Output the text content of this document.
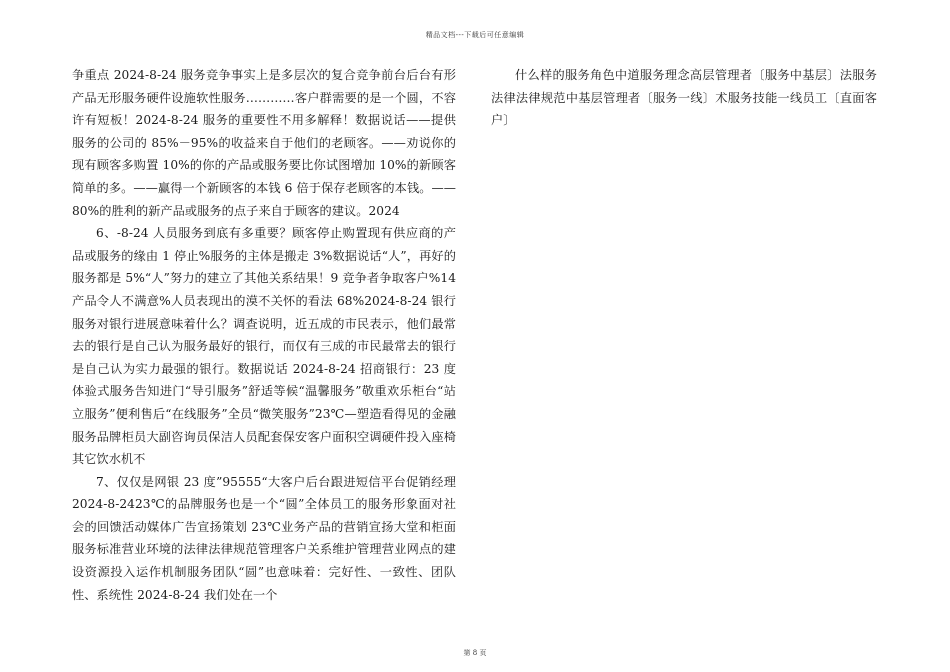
精品文档---下载后可任意编辑

争重点 2024-8-24 服务竞争事实上是多层次的复合竞争前台后台有形产品无形服务硬件设施软性服务…………客户群需要的是一个圆，不容许有短板！2024-8-24 服务的重要性不用多解释！数据说话——提供服务的公司的 85%－95%的收益来自于他们的老顾客。——劝说你的现有顾客多购置 10%的你的产品或服务要比你试图增加 10%的新顾客简单的多。——赢得一个新顾客的本钱 6 倍于保存老顾客的本钱。——80%的胜利的新产品或服务的点子来自于顾客的建议。2024

6、-8-24 人员服务到底有多重要？顾客停止购置现有供应商的产品或服务的缘由 1 停止%服务的主体是搬走 3%数据说话“人”，再好的服务都是 5%“人”努力的建立了其他关系结果！9 竞争者争取客户%14 产品令人不满意%人员表现出的漠不关怀的看法 68%2024-8-24 银行服务对银行进展意味着什么？调查说明，近五成的市民表示，他们最常去的银行是自己认为服务最好的银行，而仅有三成的市民最常去的银行是自己认为实力最强的银行。数据说话 2024-8-24 招商银行：23 度体验式服务告知进门“导引服务”舒适等候“温馨服务”敬重欢乐柜台“站立服务”便利售后“在线服务”全员“微笑服务”23℃—塑造看得见的金融服务品牌柜员大副咨询员保洁人员配套保安客户面积空调硬件投入座椅其它饮水机不

7、仅仅是网银 23 度”95555“大客户后台跟进短信平台促销经理 2024-8-2423℃的品牌服务也是一个“圆”全体员工的服务形象面对社会的回馈活动媒体广告宣扬策划 23℃业务产品的营销宣扬大堂和柜面服务标准营业环境的法律法律规范管理客户关系维护管理营业网点的建设资源投入运作机制服务团队“圆”也意味着：完好性、一致性、团队性、系统性 2024-8-24 我们处在一个

什么样的服务角色中道服务理念高层管理者〔服务中基层〕法服务法律法律规范中基层管理者〔服务一线〕术服务技能一线员工〔直面客户〕

第 8 页
